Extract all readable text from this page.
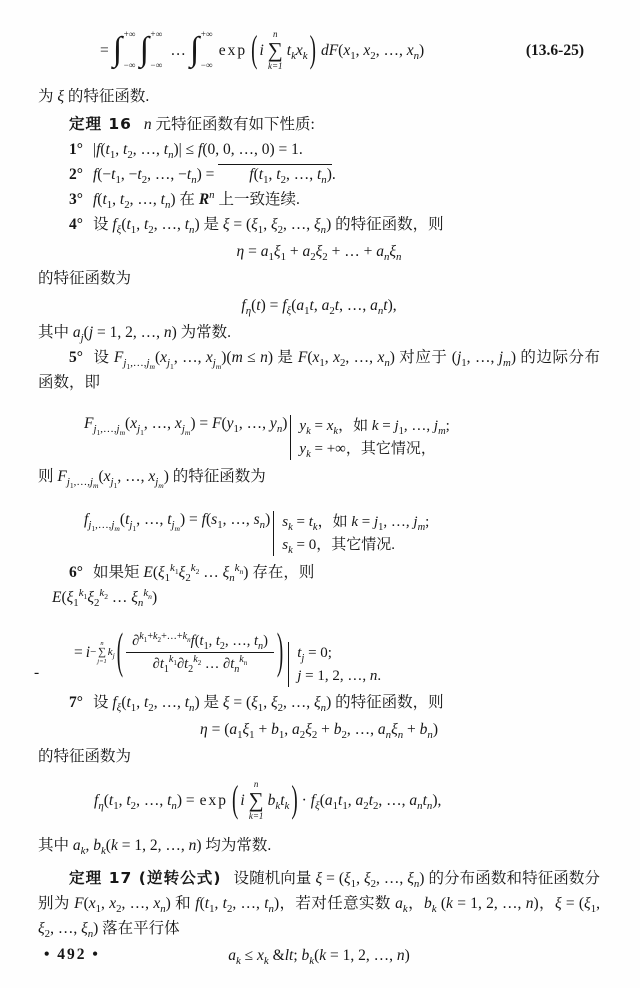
= ∫ +∞
−∞ ∫ +∞
−∞
… ∫ +∞
−∞
exp ( i
n
∑
k=1
$t_kx_k$ ) $dF(x_1$, $x_2$, …, $x_n$)	(13.6-25)

为 ξ 的特征函数.

定理 16 n 元特征函数有如下性质:

1° $|f(t_1$, $t_2$, …, $t_n)| \le f(0$, 0, …, 0) = 1.

2° $f(-t_1$, $-t_2$, …, $-t_n) = f(t_1$, $t_2$, …, $t_n$).

3° $f(t_1$, $t_2$, …, $t_n$) 在 $R^n$ 上一致连续.

4° 设 $f_\xi(t_1$, $t_2$, …, $t_n$) 是 $\xi = (\xi_1$, $\xi_2$, …, $\xi_n$) 的特征函数，则

$\eta = a_1\xi_1 + a_2\xi_2$ + … + $a_n\xi_n$

的特征函数为

$f_\eta(t) = f_\xi(a_1t$, $a_2t$, …, $a_nt$),

其中 $a_j(j = 1$, 2, …, n) 为常数.

5° 设 $F_{j_1,\dots,j_m}(x_{j_1}$, …, $x_{j_m})(m \le n)$ 是 $F(x_1$, $x_2$, …, $x_n$) 对应于 ($j_1$, …, $j_m$) 的边际分布函数，即

$F_{j_1,\dots,j_m}(x_{j_1}$, …, $x_{j_m}) = F(y_1$, …, $y_n$) $y_k = x_k$，如 $k = j_1$, …, $j_m$;
$y_k$ = +∞，其它情况，

则 $F_{j_1,\dots,j_m}(x_{j_1}$, …, $x_{j_m}$) 的特征函数为

$f_{j_1,\dots,j_m}(t_{j_1}$, …, $t_{j_m}) = f(s_1$, …, $s_n$) $s_k = t_k$，如 $k = j_1$, …, $j_m$;
$s_k = 0$，其它情况.

6° 如果矩 $E(\xi_1^{k_1}\xi_2^{k_2}$ … $\xi_n^{k_n}$) 存在，则

$E(\xi_1^{k_1}\xi_2^{k_2}$ … $\xi_n^{k_n}$)

= i −
n
∑
j=1
$k_j$ ( $\frac{\partial^{k_1+k_2+\dots+k_n}f(t_1, t_2, \dots, t_n)}{\partial t_1^{k_1}\partial t_2^{k_2} \dots \partial t_n^{k_n}}$ ) $t_j = 0$;
j = 1, 2, …, n.

7° 设 $f_\xi(t_1$, $t_2$, …, $t_n$) 是 $\xi = (\xi_1$, $\xi_2$, …, $\xi_n$) 的特征函数，则

$\eta = (a_1\xi_1 + b_1$, $a_2\xi_2 + b_2$, …, $a_n\xi_n + b_n$)

的特征函数为

$f_\eta(t_1$, $t_2$, …, $t_n) = \exp$ ( i
n
∑
k=1
$b_kt_k$ ) · $f_\xi(a_1t_1$, $a_2t_2$, …, $a_nt_n$),

其中 $a_k$, $b_k(k = 1$, 2, …, n) 均为常数.

定理 17 (逆转公式) 设随机向量 $\xi = (\xi_1$, $\xi_2$, …, $\xi_n$) 的分布函数和特征函数分别为 $F(x_1$, $x_2$, …, $x_n$) 和 $f(t_1$, $t_2$, …, $t_n$)，若对任意实数 $a_k$，$b_k$ (k = 1, 2, …, n)，$\xi = (\xi_1$, $\xi_2$, …, $\xi_n$) 落在平行体

$a_k \le x_k$ &lt; $b_k(k = 1$, 2, …, n)

-
• 492 •
